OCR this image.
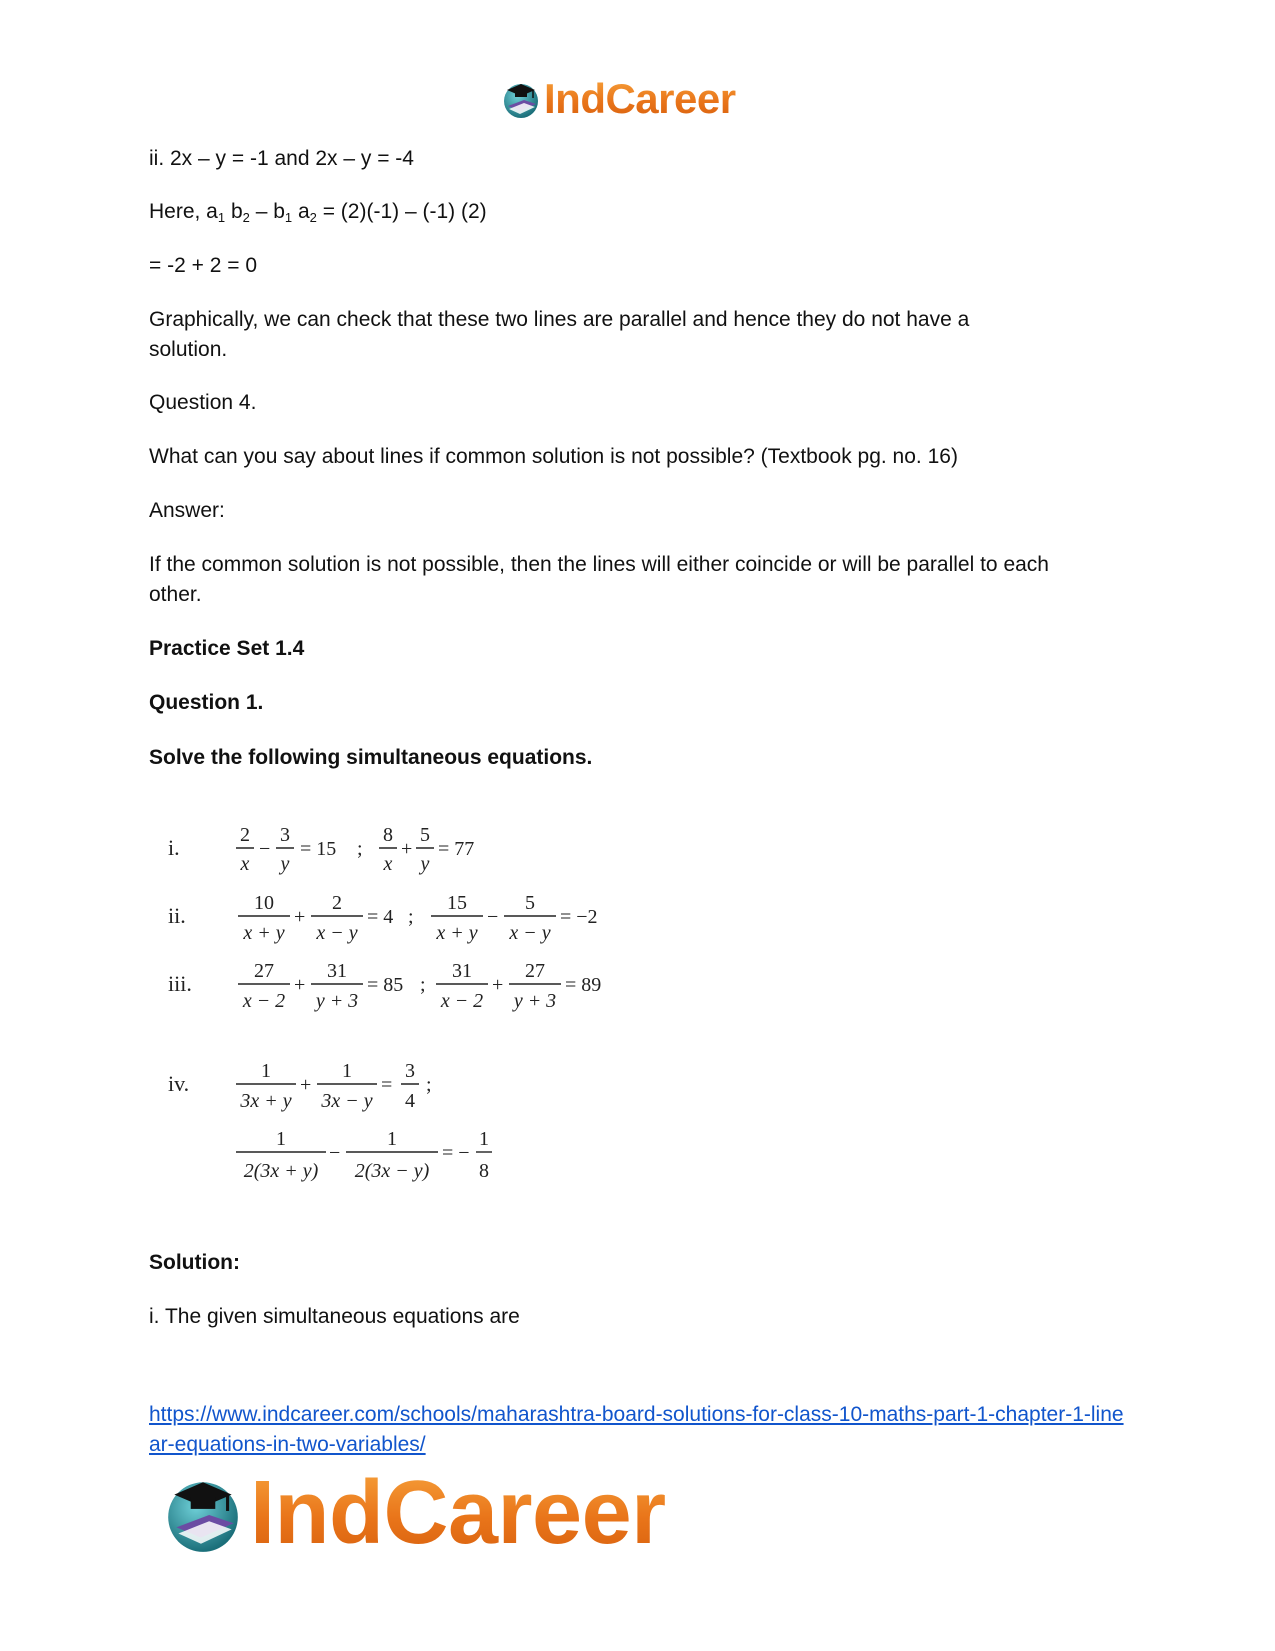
IndCareer
ii. 2x – y = -1 and 2x – y = -4
Here, $a_1$ $b_2 - b_1$ $a_2 = (2)(-1) - (-1)$ (2)
= -2 + 2 = 0
Graphically, we can check that these two lines are parallel and hence they do not have a solution.
Question 4.
What can you say about lines if common solution is not possible? (Textbook pg. no. 16)
Answer:
If the common solution is not possible, then the lines will either coincide or will be parallel to each other.
Practice Set 1.4
Question 1.
Solve the following simultaneous equations.
i.
ii.
iii.
iv.
2
x
−
3
y
= 15 ;
8
x
+
5
y
= 77
10
x + y
+
2
x − y
= 4 ;
15
x + y
−
5
x − y
= −2
27
x − 2
+
31
y + 3
= 85 ;
31
x − 2
+
27
y + 3
= 89
1
3x + y
+
1
3x − y
=
3
4
;
1
2(3x + y)
−
1
2(3x − y)
= −
1
8
Solution:
i. The given simultaneous equations are
https://www.indcareer.com/schools/maharashtra-board-solutions-for-class-10-maths-part-1-chapter-1-linear-equations-in-two-variables/
IndCareer
